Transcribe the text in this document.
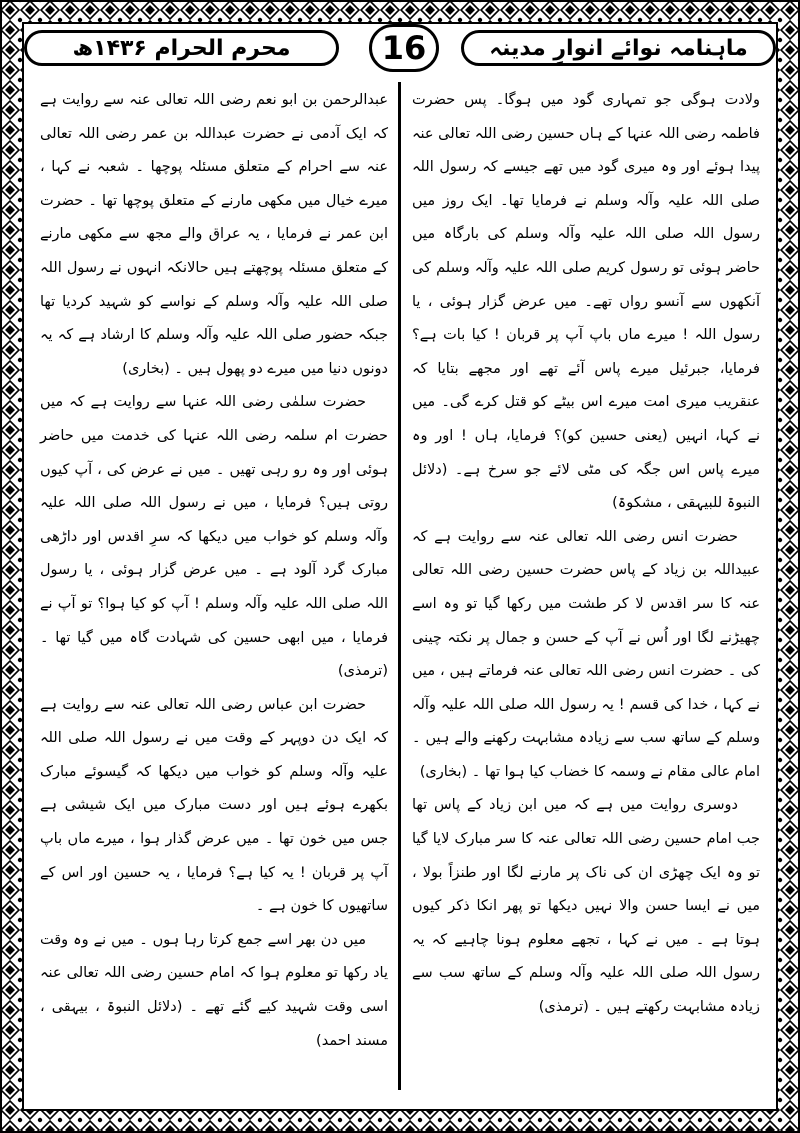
محرم الحرام ۱۴۳۶ھ	16	ماہنامہ نوائے انوارِ مدینہ

ولادت ہوگی جو تمہاری گود میں ہوگا۔ پس حضرت فاطمہ رضی اللہ عنہا کے ہاں حسین رضی اللہ تعالی عنہ پیدا ہوئے اور وہ میری گود میں تھے جیسے کہ رسول اللہ صلی اللہ علیہ وآلہ وسلم نے فرمایا تھا۔ ایک روز میں رسول اللہ صلی اللہ علیہ وآلہ وسلم کی بارگاہ میں حاضر ہوئی تو رسول کریم صلی اللہ علیہ وآلہ وسلم کی آنکھوں سے آنسو رواں تھے۔ میں عرض گزار ہوئی ، یا رسول اللہ ! میرے ماں باپ آپ پر قربان ! کیا بات ہے؟ فرمایا، جبرئیل میرے پاس آئے تھے اور مجھے بتایا کہ عنقریب میری امت میرے اس بیٹے کو قتل کرے گی۔ میں نے کہا، انہیں (یعنی حسین کو)؟ فرمایا، ہاں ! اور وہ میرے پاس اس جگہ کی مٹی لائے جو سرخ ہے۔ (دلائل النبوۃ للبیہقی ، مشکوۃ)

حضرت انس رضی اللہ تعالی عنہ سے روایت ہے کہ عبیداللہ بن زیاد کے پاس حضرت حسین رضی اللہ تعالی عنہ کا سر اقدس لا کر طشت میں رکھا گیا تو وہ اسے چھیڑنے لگا اور اُس نے آپ کے حسن و جمال پر نکتہ چینی کی ۔ حضرت انس رضی اللہ تعالی عنہ فرماتے ہیں ، میں نے کہا ، خدا کی قسم ! یہ رسول اللہ صلی اللہ علیہ وآلہ وسلم کے ساتھ سب سے زیادہ مشابہت رکھنے والے ہیں ۔ امام عالی مقام نے وسمہ کا خضاب کیا ہوا تھا ۔ (بخاری)

دوسری روایت میں ہے کہ میں ابن زیاد کے پاس تھا جب امام حسین رضی اللہ تعالی عنہ کا سر مبارک لایا گیا تو وہ ایک چھڑی ان کی ناک پر مارنے لگا اور طنزاً بولا ، میں نے ایسا حسن والا نہیں دیکھا تو پھر انکا ذکر کیوں ہوتا ہے ۔ میں نے کہا ، تجھے معلوم ہونا چاہیے کہ یہ رسول اللہ صلی اللہ علیہ وآلہ وسلم کے ساتھ سب سے زیادہ مشابہت رکھتے ہیں ۔ (ترمذی)

عبدالرحمن بن ابو نعم رضی اللہ تعالی عنہ سے روایت ہے کہ ایک آدمی نے حضرت عبداللہ بن عمر رضی اللہ تعالی عنہ سے احرام کے متعلق مسئلہ پوچھا ۔ شعبہ نے کہا ، میرے خیال میں مکھی مارنے کے متعلق پوچھا تھا ۔ حضرت ابن عمر نے فرمایا ، یہ عراق والے مجھ سے مکھی مارنے کے متعلق مسئلہ پوچھتے ہیں حالانکہ انہوں نے رسول اللہ صلی اللہ علیہ وآلہ وسلم کے نواسے کو شہید کردیا تھا جبکہ حضور صلی اللہ علیہ وآلہ وسلم کا ارشاد ہے کہ یہ دونوں دنیا میں میرے دو پھول ہیں ۔ (بخاری)

حضرت سلمٰی رضی اللہ عنہا سے روایت ہے کہ میں حضرت ام سلمہ رضی اللہ عنہا کی خدمت میں حاضر ہوئی اور وہ رو رہی تھیں ۔ میں نے عرض کی ، آپ کیوں روتی ہیں؟ فرمایا ، میں نے رسول اللہ صلی اللہ علیہ وآلہ وسلم کو خواب میں دیکھا کہ سرِ اقدس اور داڑھی مبارک گرد آلود ہے ۔ میں عرض گزار ہوئی ، یا رسول اللہ صلی اللہ علیہ وآلہ وسلم ! آپ کو کیا ہوا؟ تو آپ نے فرمایا ، میں ابھی حسین کی شہادت گاہ میں گیا تھا ۔ (ترمذی)

حضرت ابن عباس رضی اللہ تعالی عنہ سے روایت ہے کہ ایک دن دوپہر کے وقت میں نے رسول اللہ صلی اللہ علیہ وآلہ وسلم کو خواب میں دیکھا کہ گیسوئے مبارک بکھرے ہوئے ہیں اور دست مبارک میں ایک شیشی ہے جس میں خون تھا ۔ میں عرض گذار ہوا ، میرے ماں باپ آپ پر قربان ! یہ کیا ہے؟ فرمایا ، یہ حسین اور اس کے ساتھیوں کا خون ہے ۔

میں دن بھر اسے جمع کرتا رہا ہوں ۔ میں نے وہ وقت یاد رکھا تو معلوم ہوا کہ امام حسین رضی اللہ تعالی عنہ اسی وقت شہید کیے گئے تھے ۔ (دلائل النبوۃ ، بیہقی ، مسند احمد)
